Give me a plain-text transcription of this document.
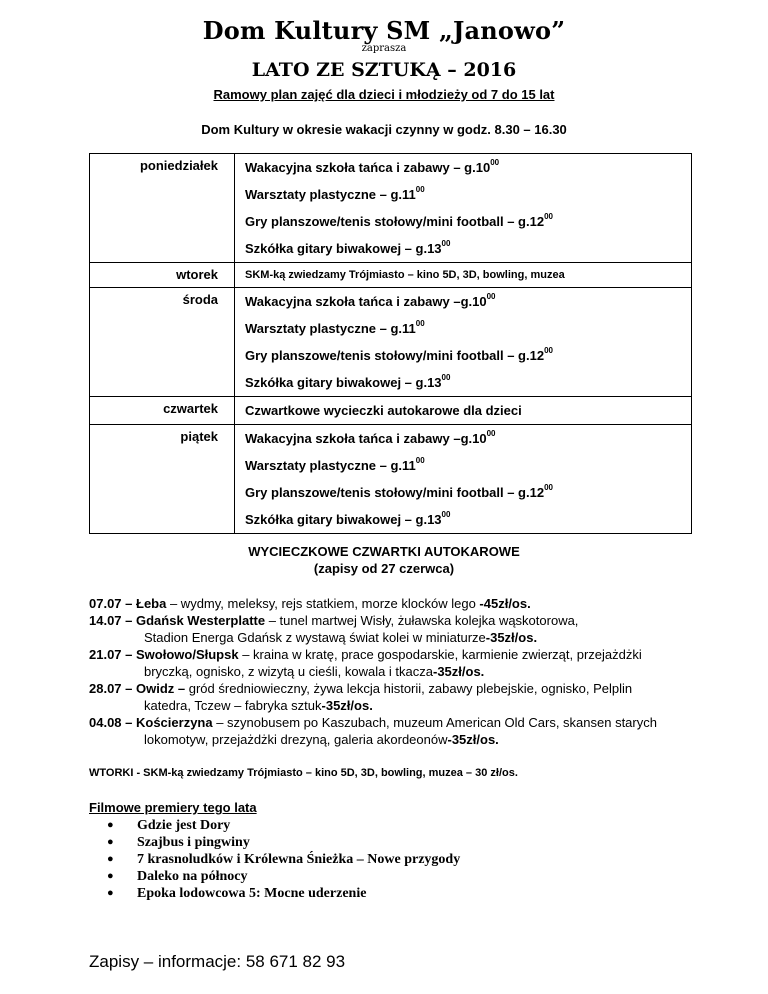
Dom Kultury SM „Janowo”
zaprasza
LATO ZE SZTUKĄ – 2016
Ramowy plan zajęć dla dzieci i młodzieży od 7 do 15 lat
Dom Kultury w okresie wakacji czynny w godz. 8.30 – 16.30
poniedziałek	Wakacyjna szkoła tańca i zabawy – $g.10^{00}$
Warsztaty plastyczne – $g.11^{00}$
Gry planszowe/tenis stołowy/mini football – $g.12^{00}$
Szkółka gitary biwakowej – $g.13^{00}$

wtorek	SKM-ką zwiedzamy Trójmiasto – kino 5D, 3D, bowling, muzea

środa	Wakacyjna szkoła tańca i zabawy $-g.10^{00}$
Warsztaty plastyczne – $g.11^{00}$
Gry planszowe/tenis stołowy/mini football – $g.12^{00}$
Szkółka gitary biwakowej – $g.13^{00}$

czwartek	Czwartkowe wycieczki autokarowe dla dzieci

piątek	Wakacyjna szkoła tańca i zabawy $-g.10^{00}$
Warsztaty plastyczne – $g.11^{00}$
Gry planszowe/tenis stołowy/mini football – $g.12^{00}$
Szkółka gitary biwakowej – $g.13^{00}$
WYCIECZKOWE CZWARTKI AUTOKAROWE
(zapisy od 27 czerwca)
07.07 – Łeba – wydmy, meleksy, rejs statkiem, morze klocków lego -45zł/os.
14.07 – Gdańsk Westerplatte – tunel martwej Wisły, żuławska kolejka wąskotorowa,
Stadion Energa Gdańsk z wystawą świat kolei w miniaturze-35zł/os.
21.07 – Swołowo/Słupsk – kraina w kratę, prace gospodarskie, karmienie zwierząt, przejażdżki
bryczką, ognisko, z wizytą u cieśli, kowala i tkacza-35zł/os.
28.07 – Owidz – gród średniowieczny, żywa lekcja historii, zabawy plebejskie, ognisko, Pelplin
katedra, Tczew – fabryka sztuk-35zł/os.
04.08 – Kościerzyna – szynobusem po Kaszubach, muzeum American Old Cars, skansen starych
lokomotyw, przejażdżki drezyną, galeria akordeonów-35zł/os.
WTORKI - SKM-ką zwiedzamy Trójmiasto – kino 5D, 3D, bowling, muzea – 30 zł/os.
Filmowe premiery tego lata
● Gdzie jest Dory
● Szajbus i pingwiny
● 7 krasnoludków i Królewna Śnieżka – Nowe przygody
● Daleko na północy
● Epoka lodowcowa 5: Mocne uderzenie
Zapisy – informacje: 58 671 82 93
